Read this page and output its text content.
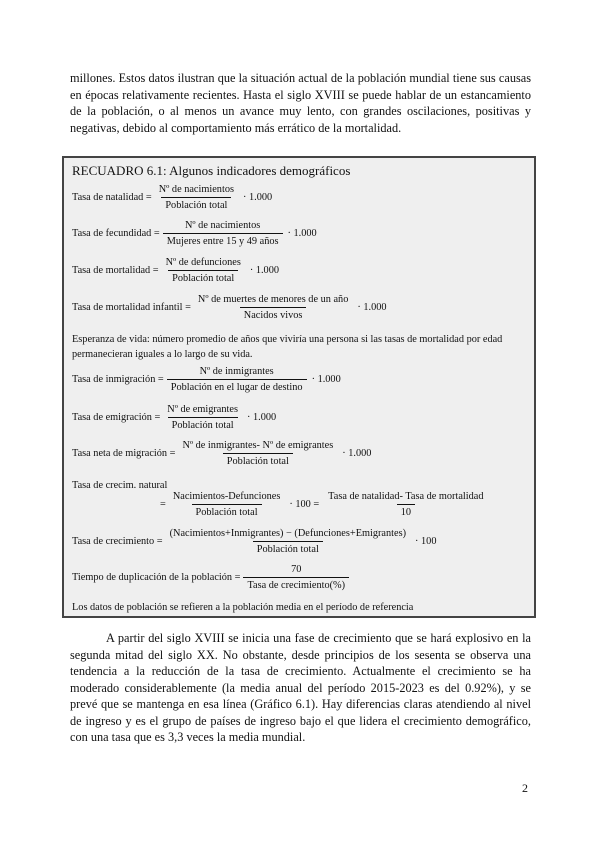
millones. Estos datos ilustran que la situación actual de la población mundial tiene sus causas en épocas relativamente recientes. Hasta el siglo XVIII se puede hablar de un estancamiento de la población, o al menos un avance muy lento, con grandes oscilaciones, positivas y negativas, debido al comportamiento más errático de la mortalidad.
RECUADRO 6.1: Algunos indicadores demográficos
Tasa de natalidad = $\frac{\text{Nº de nacimientos}}{\text{Población total}} \cdot 1.000$
Tasa de fecundidad = $\frac{\text{Nº de nacimientos}}{\text{Mujeres entre 15 y 49 años}} \cdot 1.000$
Tasa de mortalidad = $\frac{\text{Nº de defunciones}}{\text{Población total}} \cdot 1.000$
Tasa de mortalidad infantil = $\frac{\text{Nº de muertes de menores de un año}}{\text{Nacidos vivos}} \cdot 1.000$
Esperanza de vida: número promedio de años que viviría una persona si las tasas de mortalidad por edad permanecieran iguales a lo largo de su vida.
Tasa de inmigración = $\frac{\text{Nº de inmigrantes}}{\text{Población en el lugar de destino}} \cdot 1.000$
Tasa de emigración = $\frac{\text{Nº de emigrantes}}{\text{Población total}} \cdot 1.000$
Tasa neta de migración = $\frac{\text{Nº de inmigrantes- Nº de emigrantes}}{\text{Población total}} \cdot 1.000$
Tasa de crecim. natural
= $\frac{\text{Nacimientos-Defunciones}}{\text{Población total}} \cdot 100 = \frac{\text{Tasa de natalidad- Tasa de mortalidad}}{10}$
Tasa de crecimiento = $\frac{\text{(Nacimientos+Inmigrantes) − (Defunciones+Emigrantes)}}{\text{Población total}} \cdot 100$
Tiempo de duplicación de la población = $\frac{70}{\text{Tasa de crecimiento(\%)}}$
Los datos de población se refieren a la población media en el período de referencia
A partir del siglo XVIII se inicia una fase de crecimiento que se hará explosivo en la segunda mitad del siglo XX. No obstante, desde principios de los sesenta se observa una tendencia a la reducción de la tasa de crecimiento. Actualmente el crecimiento se ha moderado considerablemente (la media anual del período 2015-2023 es del 0.92%), y se prevé que se mantenga en esa línea (Gráfico 6.1). Hay diferencias claras atendiendo al nivel de ingreso y es el grupo de países de ingreso bajo el que lidera el crecimiento demográfico, con una tasa que es 3,3 veces la media mundial.
2
